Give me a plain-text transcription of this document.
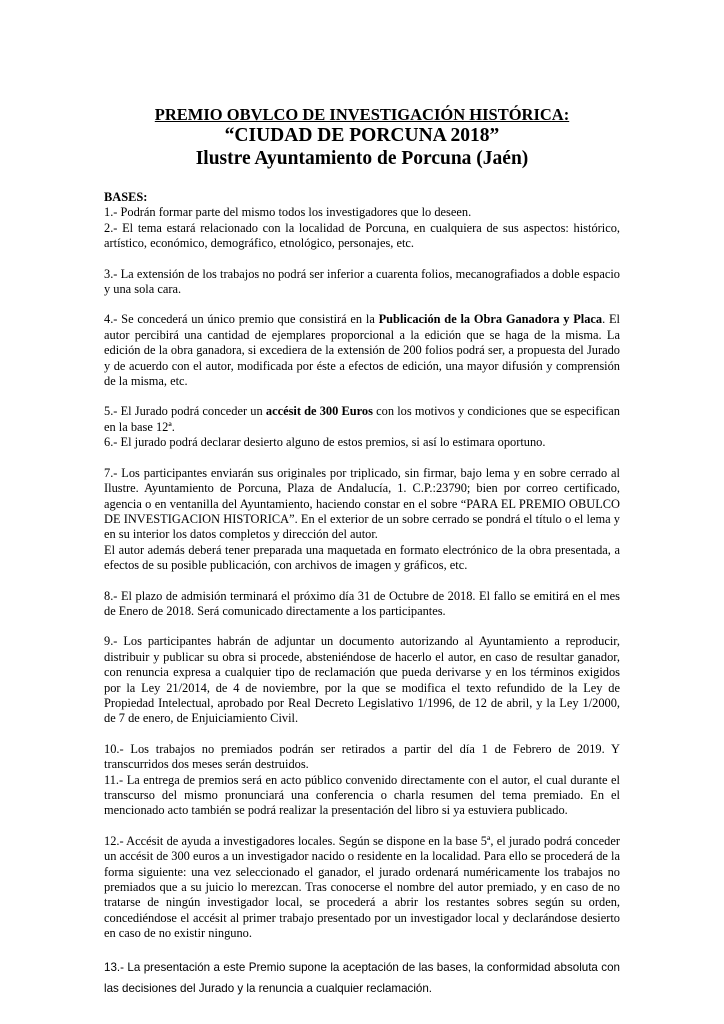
PREMIO OBVLCO DE INVESTIGACIÓN HISTÓRICA:
“CIUDAD DE PORCUNA 2018”
Ilustre Ayuntamiento de Porcuna (Jaén)

BASES:

1.- Podrán formar parte del mismo todos los investigadores que lo deseen.

2.- El tema estará relacionado con la localidad de Porcuna, en cualquiera de sus aspectos: histórico, artístico, económico, demográfico, etnológico, personajes, etc.

3.- La extensión de los trabajos no podrá ser inferior a cuarenta folios, mecanografiados a doble espacio y una sola cara.

4.- Se concederá un único premio que consistirá en la Publicación de la Obra Ganadora y Placa. El autor percibirá una cantidad de ejemplares proporcional a la edición que se haga de la misma. La edición de la obra ganadora, si excediera de la extensión de 200 folios podrá ser, a propuesta del Jurado y de acuerdo con el autor, modificada por éste a efectos de edición, una mayor difusión y comprensión de la misma, etc.

5.- El Jurado podrá conceder un accésit de 300 Euros con los motivos y condiciones que se especifican en la base 12ª.

6.- El jurado podrá declarar desierto alguno de estos premios, si así lo estimara oportuno.

7.- Los participantes enviarán sus originales por triplicado, sin firmar, bajo lema y en sobre cerrado al Ilustre. Ayuntamiento de Porcuna, Plaza de Andalucía, 1. C.P.:23790; bien por correo certificado, agencia o en ventanilla del Ayuntamiento, haciendo constar en el sobre “PARA EL PREMIO OBULCO DE INVESTIGACION HISTORICA”. En el exterior de un sobre cerrado se pondrá el título o el lema y en su interior los datos completos y dirección del autor.

El autor además deberá tener preparada una maquetada en formato electrónico de la obra presentada, a efectos de su posible publicación, con archivos de imagen y gráficos, etc.

8.- El plazo de admisión terminará el próximo día 31 de Octubre de 2018. El fallo se emitirá en el mes de Enero de 2018. Será comunicado directamente a los participantes.

9.- Los participantes habrán de adjuntar un documento autorizando al Ayuntamiento a reproducir, distribuir y publicar su obra si procede, absteniéndose de hacerlo el autor, en caso de resultar ganador, con renuncia expresa a cualquier tipo de reclamación que pueda derivarse y en los términos exigidos por la Ley 21/2014, de 4 de noviembre, por la que se modifica el texto refundido de la Ley de Propiedad Intelectual, aprobado por Real Decreto Legislativo 1/1996, de 12 de abril, y la Ley 1/2000, de 7 de enero, de Enjuiciamiento Civil.

10.- Los trabajos no premiados podrán ser retirados a partir del día 1 de Febrero de 2019. Y transcurridos dos meses serán destruidos.

11.- La entrega de premios será en acto público convenido directamente con el autor, el cual durante el transcurso del mismo pronunciará una conferencia o charla resumen del tema premiado. En el mencionado acto también se podrá realizar la presentación del libro si ya estuviera publicado.

12.- Accésit de ayuda a investigadores locales. Según se dispone en la base 5ª, el jurado podrá conceder un accésit de 300 euros a un investigador nacido o residente en la localidad. Para ello se procederá de la forma siguiente: una vez seleccionado el ganador, el jurado ordenará numéricamente los trabajos no premiados que a su juicio lo merezcan. Tras conocerse el nombre del autor premiado, y en caso de no tratarse de ningún investigador local, se procederá a abrir los restantes sobres según su orden, concediéndose el accésit al primer trabajo presentado por un investigador local y declarándose desierto en caso de no existir ninguno.

13.- La presentación a este Premio supone la aceptación de las bases, la conformidad absoluta con las decisiones del Jurado y la renuncia a cualquier reclamación.
